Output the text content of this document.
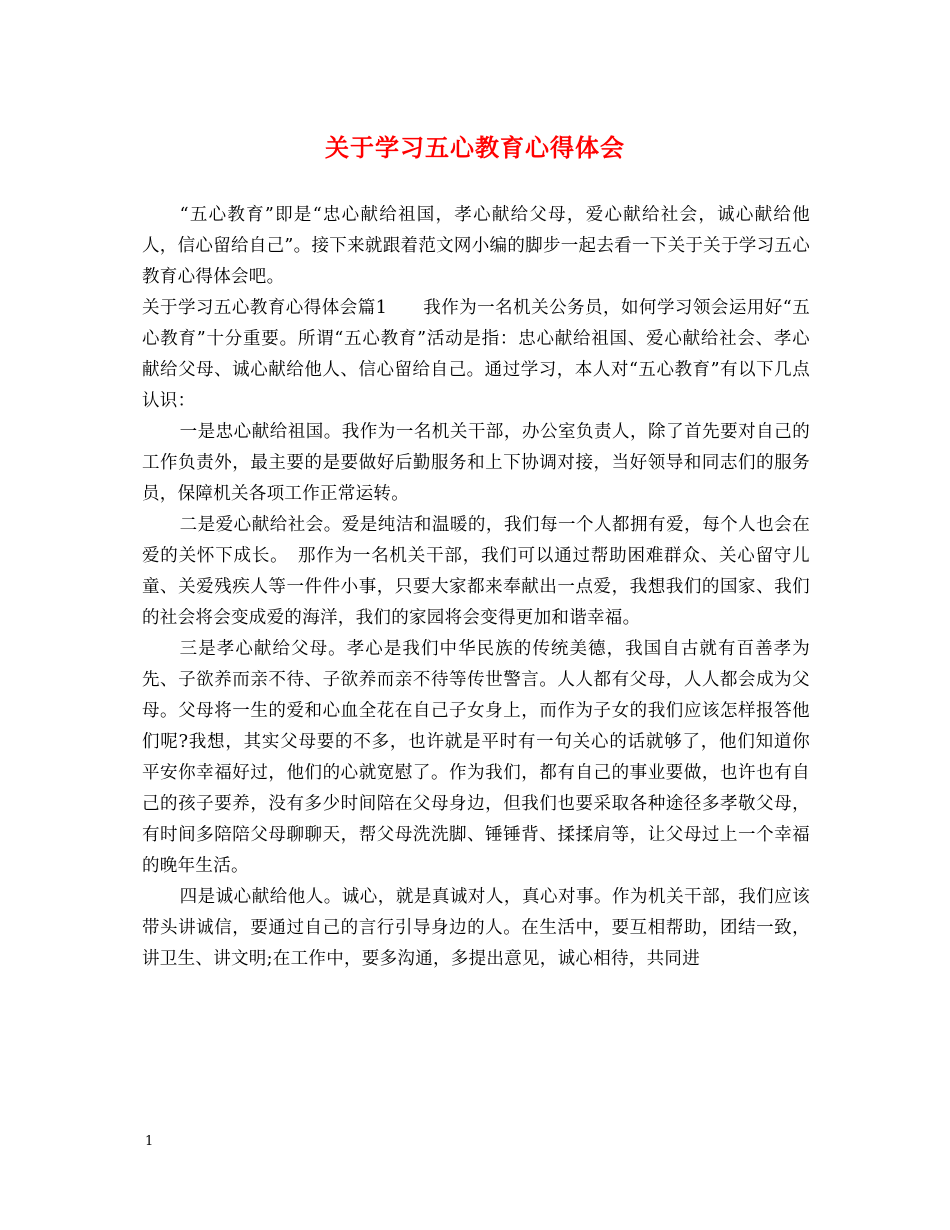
关于学习五心教育心得体会

“五心教育”即是“忠心献给祖国，孝心献给父母，爱心献给社会，诚心献给他人，信心留给自己”。接下来就跟着范文网小编的脚步一起去看一下关于关于学习五心教育心得体会吧。

关于学习五心教育心得体会篇1　　我作为一名机关公务员，如何学习领会运用好“五心教育”十分重要。所谓“五心教育”活动是指：忠心献给祖国、爱心献给社会、孝心献给父母、诚心献给他人、信心留给自己。通过学习，本人对“五心教育”有以下几点认识：

一是忠心献给祖国。我作为一名机关干部，办公室负责人，除了首先要对自己的工作负责外，最主要的是要做好后勤服务和上下协调对接，当好领导和同志们的服务员，保障机关各项工作正常运转。

二是爱心献给社会。爱是纯洁和温暖的，我们每一个人都拥有爱，每个人也会在爱的关怀下成长。　那作为一名机关干部，我们可以通过帮助困难群众、关心留守儿童、关爱残疾人等一件件小事，只要大家都来奉献出一点爱，我想我们的国家、我们的社会将会变成爱的海洋，我们的家园将会变得更加和谐幸福。

三是孝心献给父母。孝心是我们中华民族的传统美德，我国自古就有百善孝为先、子欲养而亲不待、子欲养而亲不待等传世警言。人人都有父母，人人都会成为父母。父母将一生的爱和心血全花在自己子女身上，而作为子女的我们应该怎样报答他们呢?我想，其实父母要的不多，也许就是平时有一句关心的话就够了，他们知道你平安你幸福好过，他们的心就宽慰了。作为我们，都有自己的事业要做，也许也有自己的孩子要养，没有多少时间陪在父母身边，但我们也要采取各种途径多孝敬父母，有时间多陪陪父母聊聊天，帮父母洗洗脚、锤锤背、揉揉肩等，让父母过上一个幸福的晚年生活。

四是诚心献给他人。诚心，就是真诚对人，真心对事。作为机关干部，我们应该带头讲诚信，要通过自己的言行引导身边的人。在生活中，要互相帮助，团结一致，讲卫生、讲文明;在工作中，要多沟通，多提出意见，诚心相待，共同进

1
